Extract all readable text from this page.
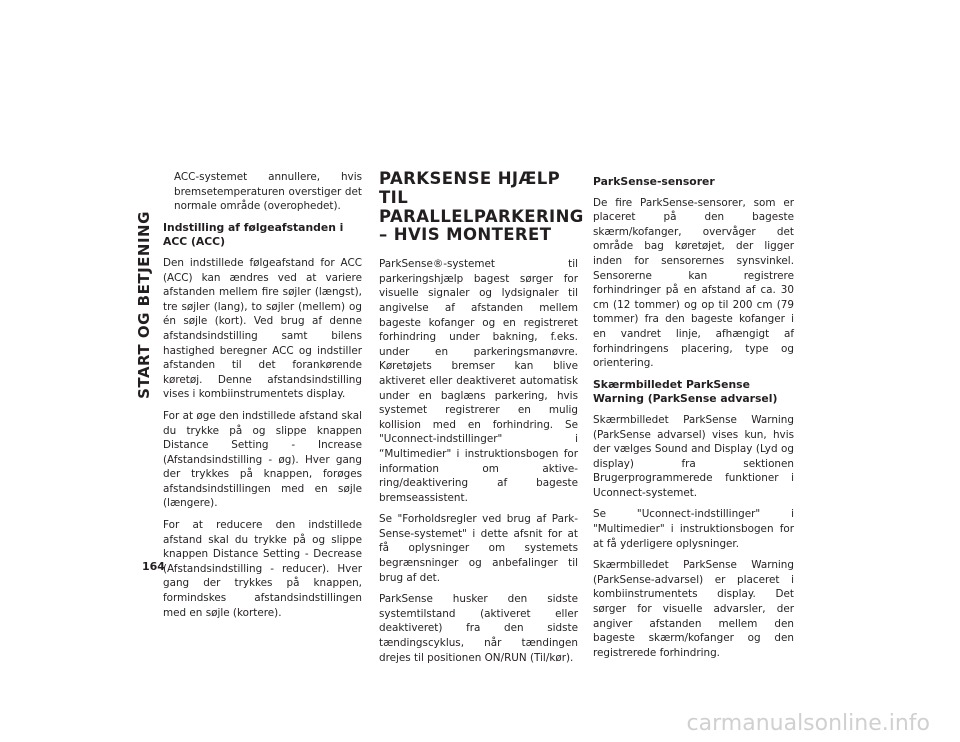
START OG BETJENING
164

ACC-systemet annullere, hvis bremsetemperaturen overstiger det normale område (overophedet).

Indstilling af følgeafstanden i ACC (ACC)

Den indstillede følgeafstand for ACC (ACC) kan ændres ved at variere afstanden mellem fire søjler (længst), tre søjler (lang), to søjler (mellem) og én søjle (kort). Ved brug af denne afstandsindstilling samt bilens hastighed beregner ACC og indstiller afstanden til det forankørende køretøj. Denne afstandsindstilling vises i kombiinstrumentets display.

For at øge den indstillede afstand skal du trykke på og slippe knappen Distance Setting - Increase (Afstandsindstilling - øg). Hver gang der trykkes på knappen, forøges afstandsindstillingen med en søjle (længere).

For at reducere den indstillede afstand skal du trykke på og slippe knappen Distance Setting - Decrease (Afstandsindstilling - reducer). Hver gang der trykkes på knappen, formindskes afstandsindstillingen med en søjle (kortere).

PARKSENSE HJÆLP TIL PARALLELPARKERING – HVIS MONTERET

ParkSense®-systemet til parkeringshjælp bagest sørger for visuelle signaler og lydsignaler til angivelse af afstanden mellem bageste kofanger og en registreret forhindring under bakning, f.eks. under en parkeringsmanøvre. Køretøjets bremser kan blive aktiveret eller deaktiveret automatisk under en baglæns parkering, hvis systemet registrerer en mulig kollision med en forhindring. Se "Uconnect-indstillinger" i “Multimedier" i instruktionsbogen for information om aktivering/deaktivering af bageste bremseassistent.

Se "Forholdsregler ved brug af ParkSense-systemet" i dette afsnit for at få oplysninger om systemets begrænsninger og anbefalinger til brug af det.

ParkSense husker den sidste systemtilstand (aktiveret eller deaktiveret) fra den sidste tændingscyklus, når tændingen drejes til positionen ON/RUN (Til/kør).

ParkSense-sensorer

De fire ParkSense-sensorer, som er placeret på den bageste skærm/kofanger, overvåger det område bag køretøjet, der ligger inden for sensorernes synsvinkel. Sensorerne kan registrere forhindringer på en afstand af ca. 30 cm (12 tommer) og op til 200 cm (79 tommer) fra den bageste kofanger i en vandret linje, afhængigt af forhindringens placering, type og orientering.

Skærmbilledet ParkSense Warning (ParkSense advarsel)

Skærmbilledet ParkSense Warning (ParkSense advarsel) vises kun, hvis der vælges Sound and Display (Lyd og display) fra sektionen Brugerprogrammerede funktioner i Uconnect-systemet.

Se "Uconnect-indstillinger" i "Multimedier" i instruktionsbogen for at få yderligere oplysninger.

Skærmbilledet ParkSense Warning (ParkSense-advarsel) er placeret i kombiinstrumentets display. Det sørger for visuelle advarsler, der angiver afstanden mellem den bageste skærm/kofanger og den registrerede forhindring.

carmanualsonline.info
